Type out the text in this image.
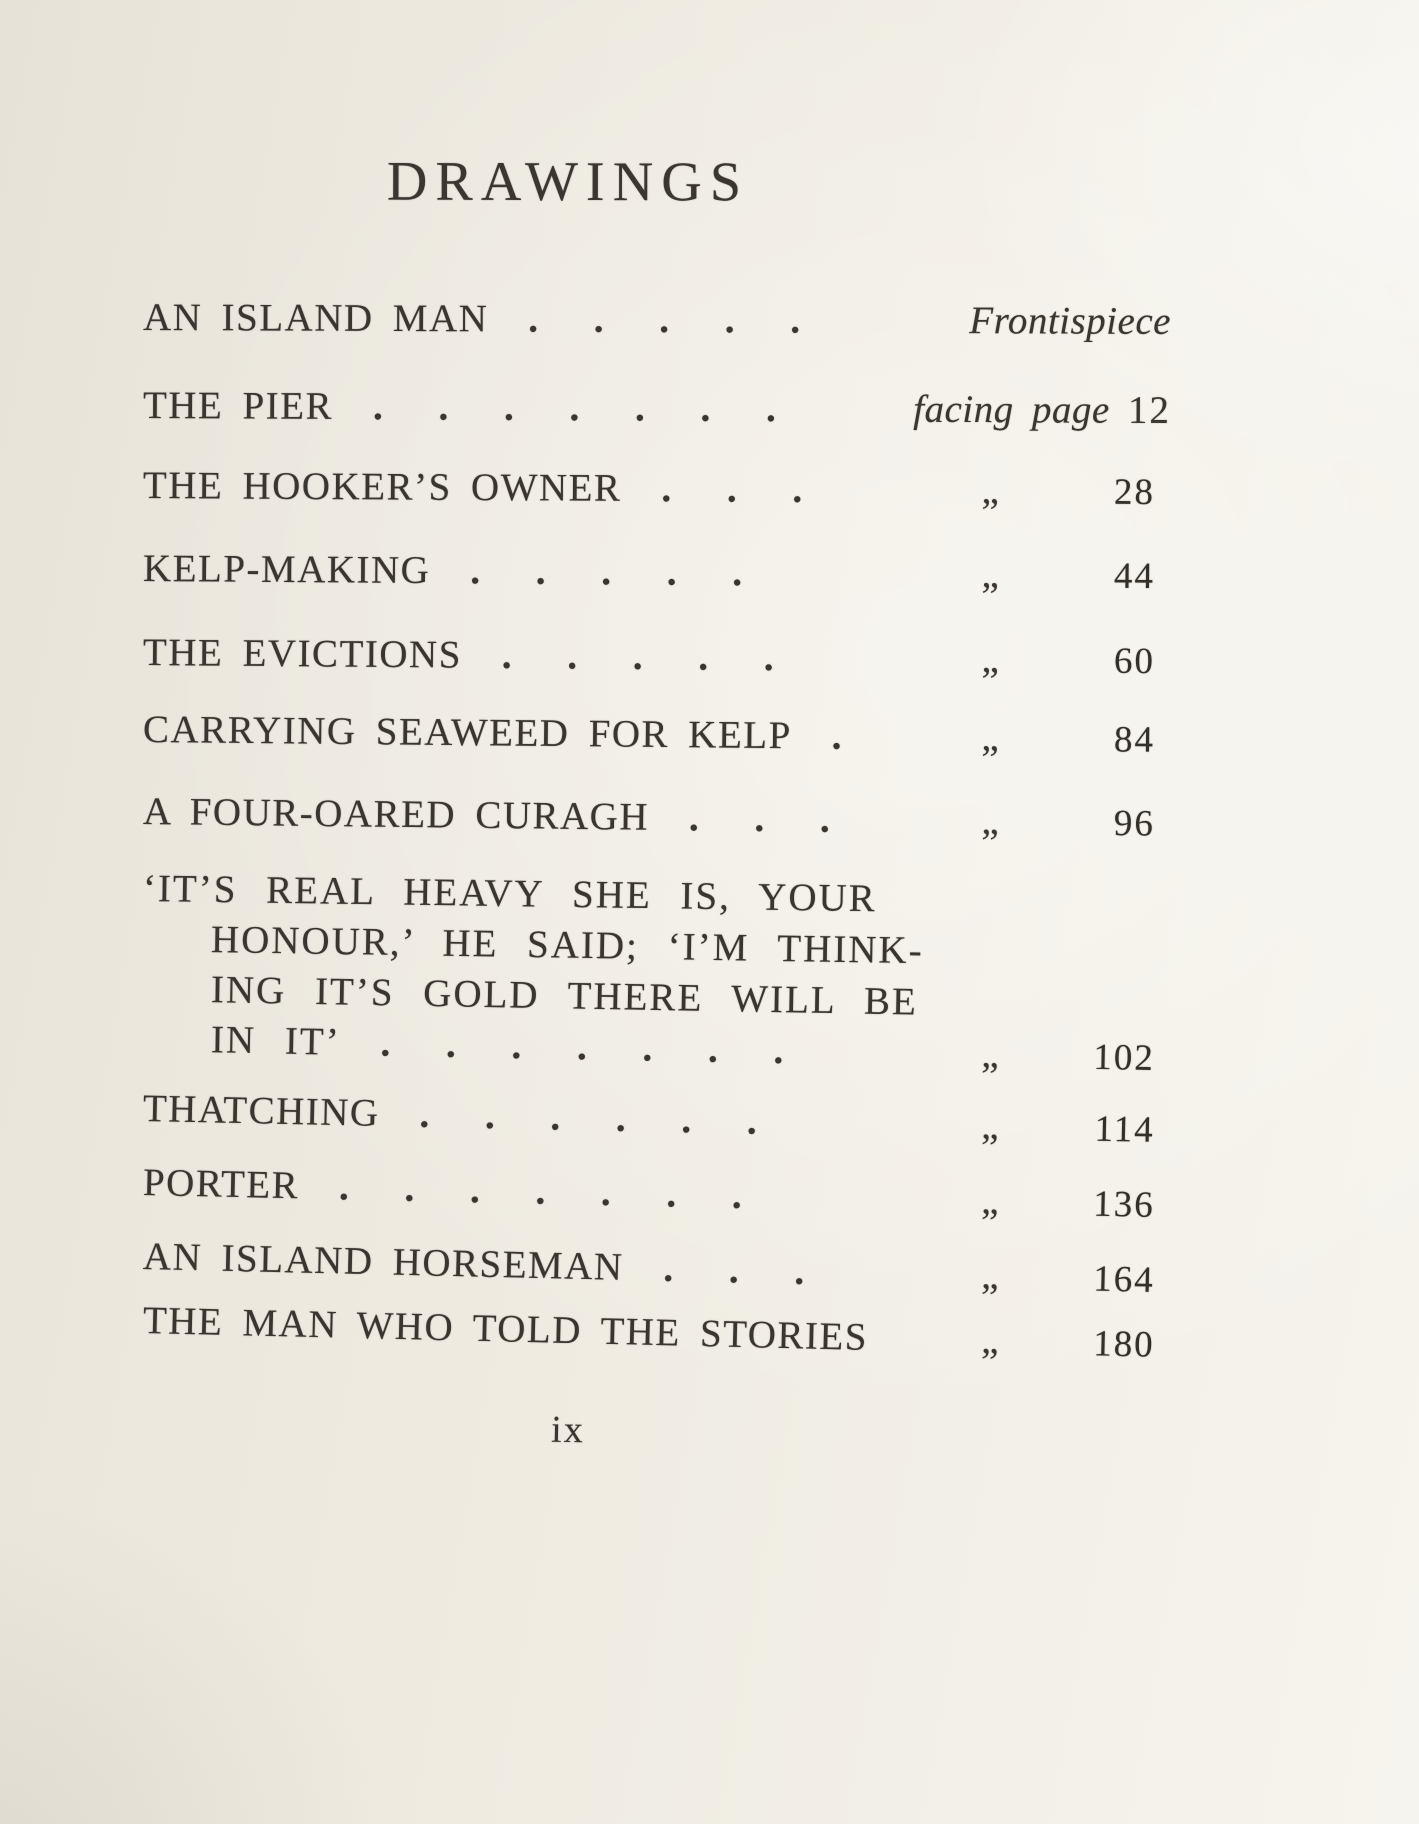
DRAWINGS
AN ISLAND MAN	. . . . .	Frontispiece
THE PIER	. . . . . . .	facing page 12
THE HOOKER’S OWNER	. . .	„	28
KELP-MAKING	. . . . .	„	44
THE EVICTIONS	. . . . .	„	60
CARRYING SEAWEED FOR KELP	.	„	84
A FOUR-OARED CURAGH	. . .	„	96
‘IT’S REAL HEAVY SHE IS, YOUR
HONOUR,’ HE SAID; ‘I’M THINK-
ING IT’S GOLD THERE WILL BE
IN IT’	. . . . . . .	„	102
THATCHING	. . . . . .	„	114
PORTER	. . . . . . .	„	136
AN ISLAND HORSEMAN	. . .	„	164
THE MAN WHO TOLD THE STORIES	„	180
ix
